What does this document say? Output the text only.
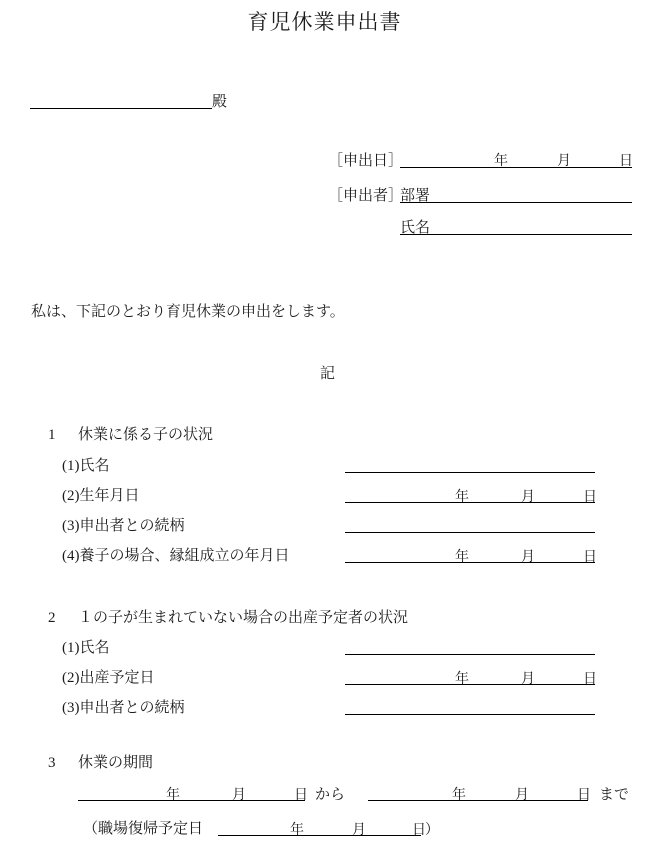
育児休業申出書
殿
［申出日］	年	月	日
［申出者］
部署
氏名
私は、下記のとおり育児休業の申出をします。
記
1 休業に係る子の状況
(1)氏名
(2)生年月日	年	月	日
(3)申出者との続柄
(4)養子の場合、縁組成立の年月日	年	月	日
2 １の子が生まれていない場合の出産予定者の状況
(1)氏名
(2)出産予定日	年	月	日
(3)申出者との続柄
3 休業の期間
年	月	日 から	年	月	日 まで
（職場復帰予定日	年	月	日 ）
